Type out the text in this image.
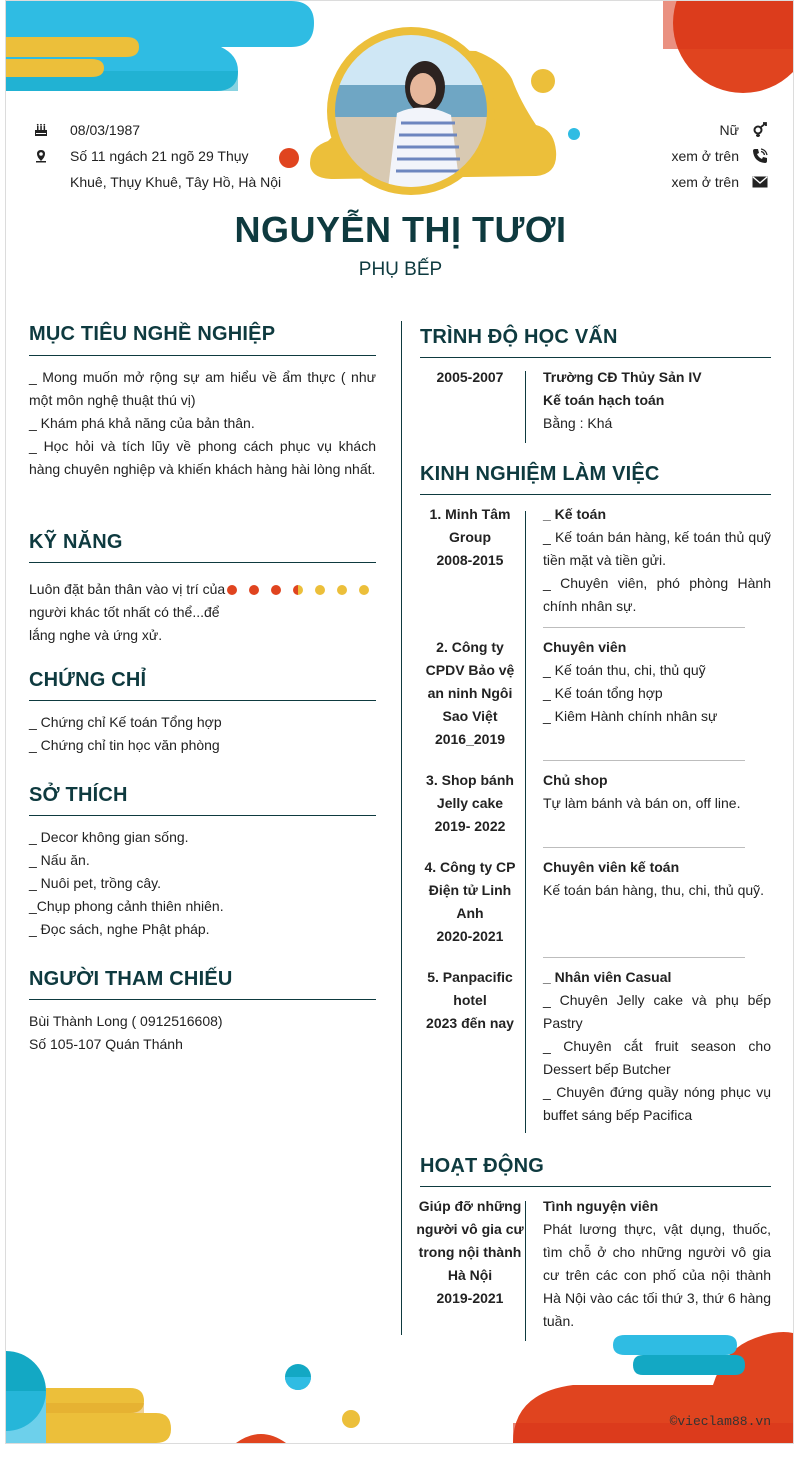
08/03/1987
Số 11 ngách 21 ngõ 29 Thụy
Khuê, Thụy Khuê, Tây Hồ, Hà Nội
Nữ
xem ở trên
xem ở trên
NGUYỄN THỊ TƯƠI
PHỤ BẾP
MỤC TIÊU NGHỀ NGHIỆP
_ Mong muốn mở rộng sự am hiểu về ẩm thực ( như một môn nghệ thuật thú vị)
_ Khám phá khả năng của bản thân.
_ Học hỏi và tích lũy về phong cách phục vụ khách hàng chuyên nghiệp và khiến khách hàng hài lòng nhất.
KỸ NĂNG
Luôn đặt bản thân vào vị trí của
người khác tốt nhất có thể...để
lắng nghe và ứng xử.
CHỨNG CHỈ
_ Chứng chỉ Kế toán Tổng hợp
_ Chứng chỉ tin học văn phòng
SỞ THÍCH
_ Decor không gian sống.
_ Nấu ăn.
_ Nuôi pet, trồng cây.
_Chụp phong cảnh thiên nhiên.
_ Đọc sách, nghe Phật pháp.
NGƯỜI THAM CHIẾU
Bùi Thành Long ( 0912516608)
Số 105-107 Quán Thánh
TRÌNH ĐỘ HỌC VẤN
2005-2007	Trường CĐ Thủy Sản IV
Kế toán hạch toán
Bằng : Khá
KINH NGHIỆM LÀM VIỆC
1. Minh Tâm
Group
2008-2015
_ Kế toán
_ Kế toán bán hàng, kế toán thủ quỹ tiền mặt và tiền gửi.
_ Chuyên viên, phó phòng Hành chính nhân sự.
2. Công ty
CPDV Bảo vệ
an ninh Ngôi
Sao Việt
2016_2019
Chuyên viên
_ Kế toán thu, chi, thủ quỹ
_ Kế toán tổng hợp
_ Kiêm Hành chính nhân sự
3. Shop bánh
Jelly cake
2019- 2022
Chủ shop
Tự làm bánh và bán on, off line.
4. Công ty CP
Điện tử Linh
Anh
2020-2021
Chuyên viên kế toán
Kế toán bán hàng, thu, chi, thủ quỹ.
5. Panpacific
hotel
2023 đến nay
_ Nhân viên Casual
_ Chuyên Jelly cake và phụ bếp Pastry
_ Chuyên cắt fruit season cho Dessert bếp Butcher
_ Chuyên đứng quầy nóng phục vụ buffet sáng bếp Pacifica
HOẠT ĐỘNG
Giúp đỡ những
người vô gia cư
trong nội thành
Hà Nội
2019-2021
Tình nguyện viên
Phát lương thực, vật dụng, thuốc, tìm chỗ ở cho những người vô gia cư trên các con phố của nội thành Hà Nội vào các tối thứ 3, thứ 6 hàng tuần.
©vieclam88.vn
